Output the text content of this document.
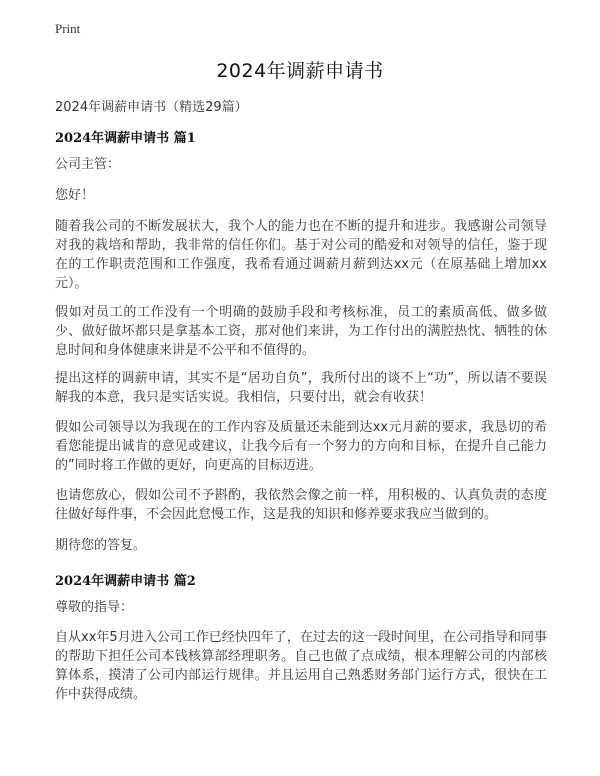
Print
2024年调薪申请书

2024年调薪申请书（精选29篇）

2024年调薪申请书 篇1

公司主管：

您好！

随着我公司的不断发展状大，我个人的能力也在不断的提升和进步。我感谢公司领导对我的栽培和帮助，我非常的信任你们。基于对公司的酷爱和对领导的信任，鉴于现在的工作职责范围和工作强度，我希看通过调薪月薪到达xx元（在原基础上增加xx元）。

假如对员工的工作没有一个明确的鼓励手段和考核标准，员工的素质高低、做多做少、做好做坏都只是拿基本工资，那对他们来讲，为工作付出的满腔热忱、牺牲的休息时间和身体健康来讲是不公平和不值得的。

提出这样的调薪申请，其实不是“居功自负”，我所付出的谈不上“功”，所以请不要误解我的本意，我只是实话实说。我相信，只要付出，就会有收获！

假如公司领导以为我现在的工作内容及质量还未能到达xx元月薪的要求，我恳切的希看您能提出诚肯的意见或建议，让我今后有一个努力的方向和目标，在提升自己能力的”同时将工作做的更好，向更高的目标迈进。

也请您放心，假如公司不予斟酌，我依然会像之前一样，用积极的、认真负责的态度往做好每件事，不会因此怠慢工作，这是我的知识和修养要求我应当做到的。

期待您的答复。

2024年调薪申请书 篇2

尊敬的指导：

自从xx年5月进入公司工作已经快四年了，在过去的这一段时间里，在公司指导和同事的帮助下担任公司本钱核算部经理职务。自己也做了点成绩，根本理解公司的内部核算体系，摸清了公司内部运行规律。并且运用自己熟悉财务部门运行方式，很快在工作中获得成绩。
